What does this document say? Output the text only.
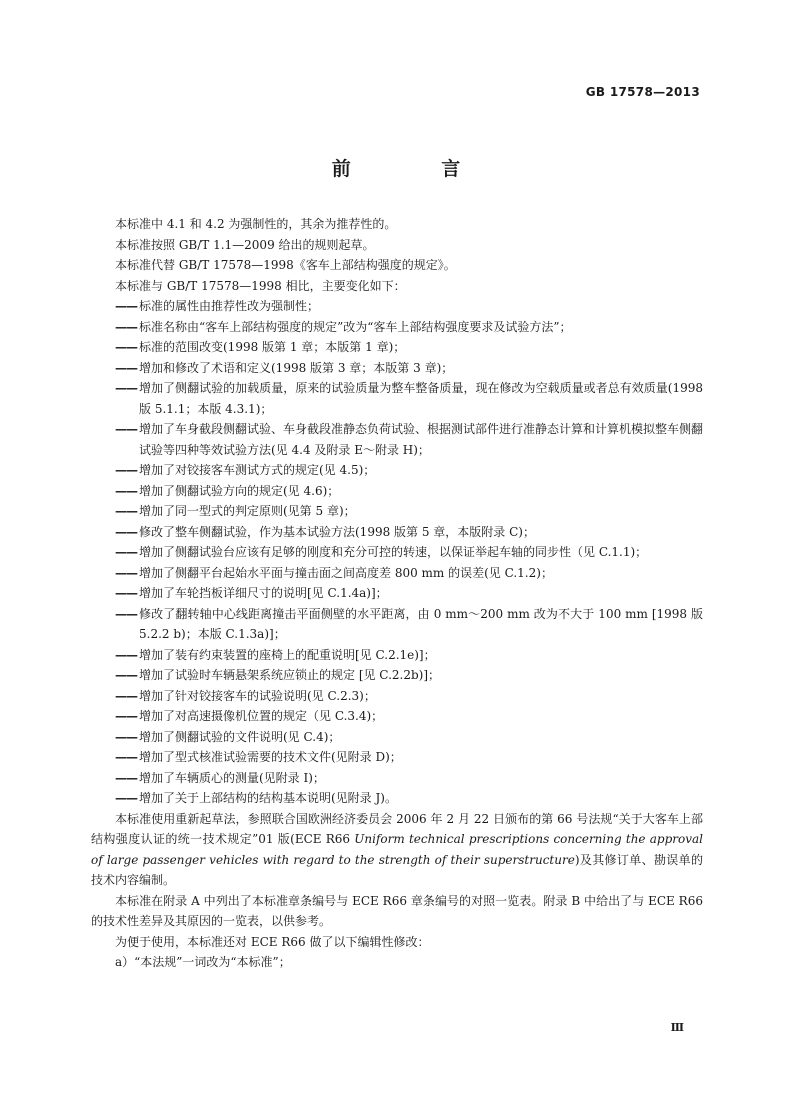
GB 17578—2013
前 言

本标准中 4.1 和 4.2 为强制性的，其余为推荐性的。

本标准按照 GB/T 1.1—2009 给出的规则起草。

本标准代替 GB/T 17578—1998《客车上部结构强度的规定》。

本标准与 GB/T 17578—1998 相比，主要变化如下：

—— 标准的属性由推荐性改为强制性；
—— 标准名称由“客车上部结构强度的规定”改为“客车上部结构强度要求及试验方法”；
—— 标准的范围改变(1998 版第 1 章；本版第 1 章)；
—— 增加和修改了术语和定义(1998 版第 3 章；本版第 3 章)；
—— 增加了侧翻试验的加载质量，原来的试验质量为整车整备质量，现在修改为空载质量或者总有效质量(1998 版 5.1.1；本版 4.3.1)；
—— 增加了车身截段侧翻试验、车身截段准静态负荷试验、根据测试部件进行准静态计算和计算机模拟整车侧翻试验等四种等效试验方法(见 4.4 及附录 E～附录 H)；
—— 增加了对铰接客车测试方式的规定(见 4.5)；
—— 增加了侧翻试验方向的规定(见 4.6)；
—— 增加了同一型式的判定原则(见第 5 章)；
—— 修改了整车侧翻试验，作为基本试验方法(1998 版第 5 章，本版附录 C)；
—— 增加了侧翻试验台应该有足够的刚度和充分可控的转速，以保证举起车轴的同步性（见 C.1.1)；
—— 增加了侧翻平台起始水平面与撞击面之间高度差 800 mm 的误差(见 C.1.2)；
—— 增加了车轮挡板详细尺寸的说明[见 C.1.4a)]；
—— 修改了翻转轴中心线距离撞击平面侧壁的水平距离，由 0 mm～200 mm 改为不大于 100 mm [1998 版 5.2.2 b)；本版 C.1.3a)]；
—— 增加了装有约束装置的座椅上的配重说明[见 C.2.1e)]；
—— 增加了试验时车辆悬架系统应锁止的规定 [见 C.2.2b)]；
—— 增加了针对铰接客车的试验说明(见 C.2.3)；
—— 增加了对高速摄像机位置的规定（见 C.3.4)；
—— 增加了侧翻试验的文件说明(见 C.4)；
—— 增加了型式核准试验需要的技术文件(见附录 D)；
—— 增加了车辆质心的测量(见附录 I)；
—— 增加了关于上部结构的结构基本说明(见附录 J)。

本标准使用重新起草法，参照联合国欧洲经济委员会 2006 年 2 月 22 日颁布的第 66 号法规“关于大客车上部结构强度认证的统一技术规定”01 版(ECE R66 Uniform technical prescriptions concerning the approval of large passenger vehicles with regard to the strength of their superstructure)及其修订单、勘误单的技术内容编制。

本标准在附录 A 中列出了本标准章条编号与 ECE R66 章条编号的对照一览表。附录 B 中给出了与 ECE R66 的技术性差异及其原因的一览表，以供参考。

为便于使用，本标准还对 ECE R66 做了以下编辑性修改：

a）“本法规”一词改为“本标准”；

Ⅲ
